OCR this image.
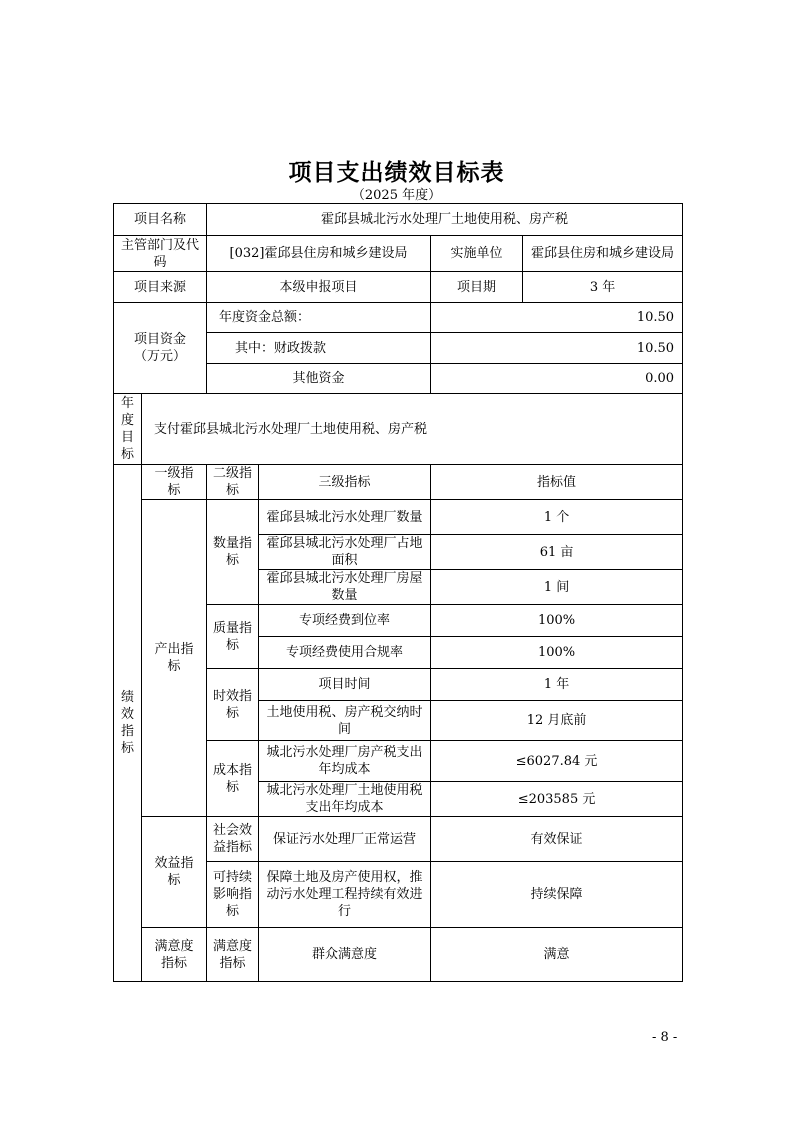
项目支出绩效目标表
（2025 年度）
项目名称		霍邱县城北污水处理厂土地使用税、房产税			
主管部门及代码		[032]霍邱县住房和城乡建设局		实施单位	霍邱县住房和城乡建设局
项目来源		本级申报项目		项目期	3 年
项目资金（万元）		年度资金总额：		10.50	
		其中：财政拨款		10.50	
		其他资金		0.00	
年度目标	支付霍邱县城北污水处理厂土地使用税、房产税				
绩效指标	一级指标	二级指标	三级指标	指标值	
	产出指标	数量指标	霍邱县城北污水处理厂数量	1 个	
			霍邱县城北污水处理厂占地面积	61 亩	
			霍邱县城北污水处理厂房屋数量	1 间	
		质量指标	专项经费到位率	100%	
			专项经费使用合规率	100%	
		时效指标	项目时间	1 年	
			土地使用税、房产税交纳时间	12 月底前	
		成本指标	城北污水处理厂房产税支出年均成本	≤6027.84 元	
			城北污水处理厂土地使用税支出年均成本	≤203585 元	
	效益指标	社会效益指标	保证污水处理厂正常运营	有效保证	
		可持续影响指标	保障土地及房产使用权，推动污水处理工程持续有效进行	持续保障	
	满意度指标	满意度指标	群众满意度	满意	
- 8 -
